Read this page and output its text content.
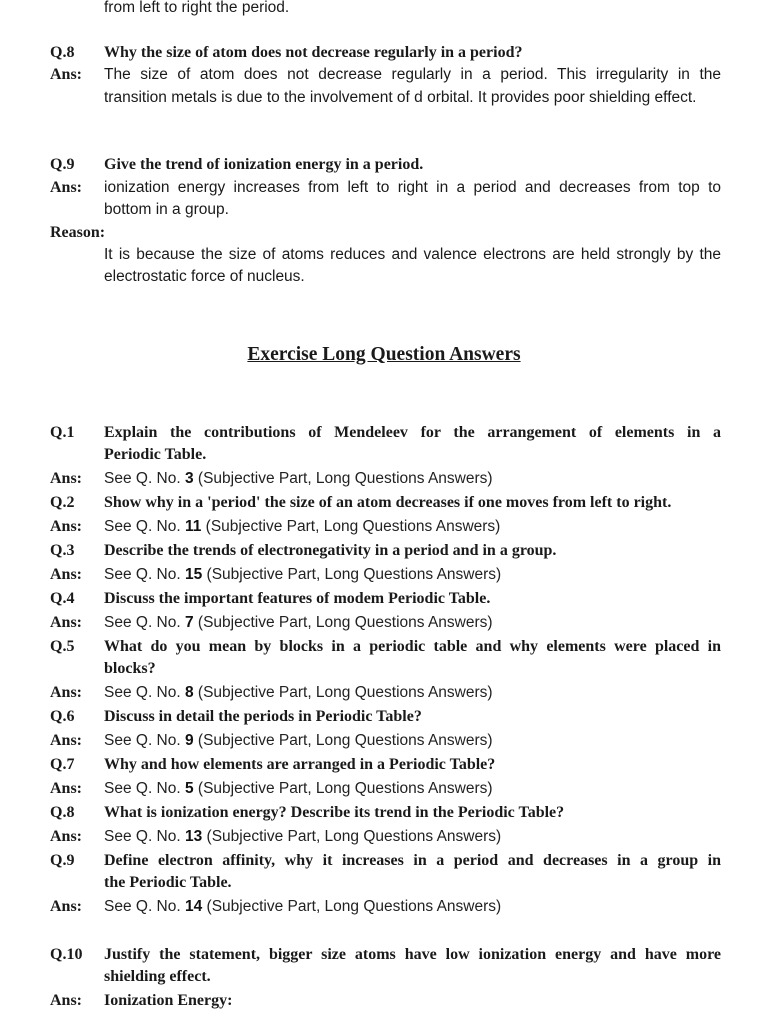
from left to right the period.
Q.8 Why the size of atom does not decrease regularly in a period?
Ans: The size of atom does not decrease regularly in a period. This irregularity in the
transition metals is due to the involvement of d orbital. It provides poor shielding effect.
Q.9 Give the trend of ionization energy in a period.
Ans: ionization energy increases from left to right in a period and decreases from top to
bottom in a group.
Reason:
It is because the size of atoms reduces and valence electrons are held strongly by the
electrostatic force of nucleus.
Exercise Long Question Answers
Q.1 Explain the contributions of Mendeleev for the arrangement of elements in a
Periodic Table.
Ans: See Q. No. 3 (Subjective Part, Long Questions Answers)
Q.2 Show why in a 'period' the size of an atom decreases if one moves from left to right.
Ans: See Q. No. 11 (Subjective Part, Long Questions Answers)
Q.3 Describe the trends of electronegativity in a period and in a group.
Ans: See Q. No. 15 (Subjective Part, Long Questions Answers)
Q.4 Discuss the important features of modem Periodic Table.
Ans: See Q. No. 7 (Subjective Part, Long Questions Answers)
Q.5 What do you mean by blocks in a periodic table and why elements were placed in
blocks?
Ans: See Q. No. 8 (Subjective Part, Long Questions Answers)
Q.6 Discuss in detail the periods in Periodic Table?
Ans: See Q. No. 9 (Subjective Part, Long Questions Answers)
Q.7 Why and how elements are arranged in a Periodic Table?
Ans: See Q. No. 5 (Subjective Part, Long Questions Answers)
Q.8 What is ionization energy? Describe its trend in the Periodic Table?
Ans: See Q. No. 13 (Subjective Part, Long Questions Answers)
Q.9 Define electron affinity, why it increases in a period and decreases in a group in
the Periodic Table.
Ans: See Q. No. 14 (Subjective Part, Long Questions Answers)
Q.10 Justify the statement, bigger size atoms have low ionization energy and have more
shielding effect.
Ans: Ionization Energy:
